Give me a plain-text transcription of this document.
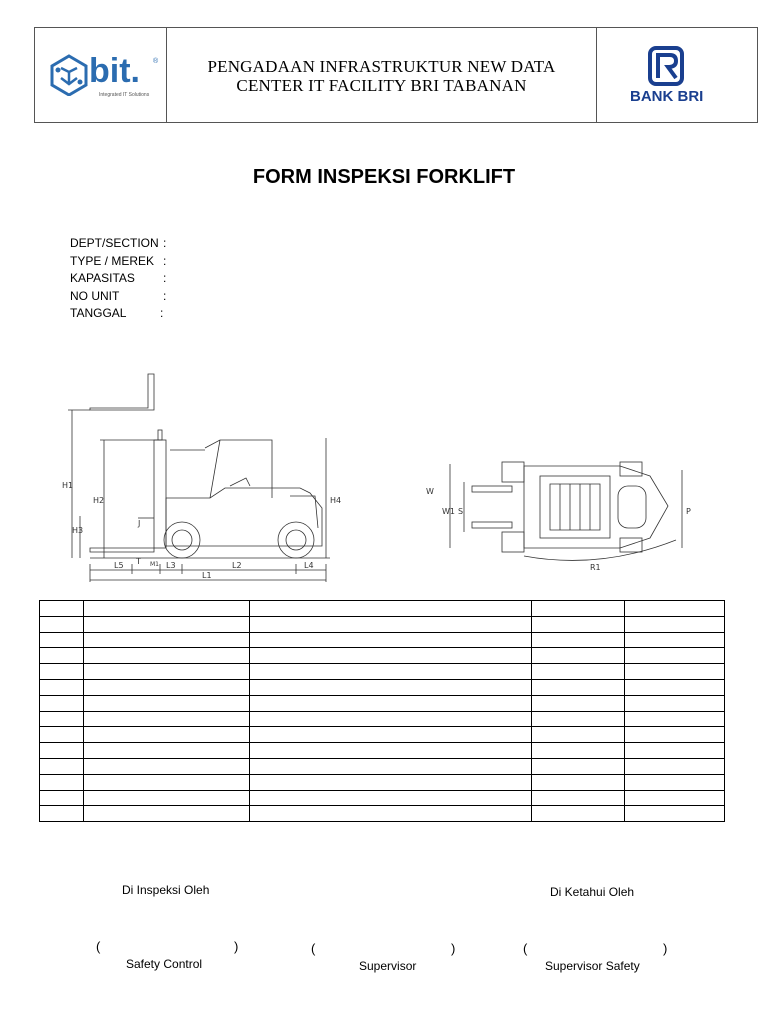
bit. ®
Integrated IT Solutions
PENGADAAN INFRASTRUKTUR NEW DATA
CENTER IT FACILITY BRI TABANAN
BANK BRI
FORM INSPEKSI FORKLIFT
DEPT/SECTION :
TYPE / MEREK :
KAPASITAS :
NO UNIT	:
TANGGAL	:
H1
H2
H3
H4
J
T M1
L5	L3	L2	L4
L1
W
W1 S	P
R1

Di Inspeksi Oleh	Di Ketahui Oleh
(	)	(	)	(	)
Safety Control	Supervisor	Supervisor Safety
